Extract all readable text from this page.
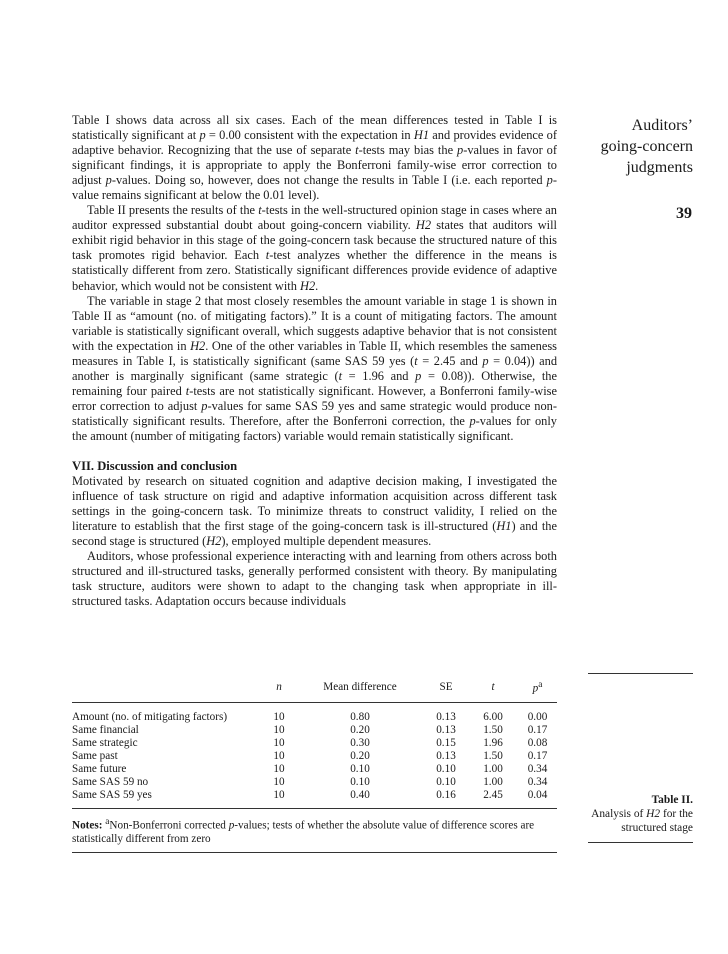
Auditors’
going-concern
judgments
39

Table I shows data across all six cases. Each of the mean differences tested in Table I is statistically significant at p = 0.00 consistent with the expectation in H1 and provides evidence of adaptive behavior. Recognizing that the use of separate t-tests may bias the p-values in favor of significant findings, it is appropriate to apply the Bonferroni family-wise error correction to adjust p-values. Doing so, however, does not change the results in Table I (i.e. each reported p-value remains significant at below the 0.01 level).

Table II presents the results of the t-tests in the well-structured opinion stage in cases where an auditor expressed substantial doubt about going-concern viability. H2 states that auditors will exhibit rigid behavior in this stage of the going-concern task because the structured nature of this task promotes rigid behavior. Each t-test analyzes whether the difference in the means is statistically different from zero. Statistically significant differences provide evidence of adaptive behavior, which would not be consistent with H2.

The variable in stage 2 that most closely resembles the amount variable in stage 1 is shown in Table II as “amount (no. of mitigating factors).” It is a count of mitigating factors. The amount variable is statistically significant overall, which suggests adaptive behavior that is not consistent with the expectation in H2. One of the other variables in Table II, which resembles the sameness measures in Table I, is statistically significant (same SAS 59 yes (t = 2.45 and p = 0.04)) and another is marginally significant (same strategic (t = 1.96 and p = 0.08)). Otherwise, the remaining four paired t-tests are not statistically significant. However, a Bonferroni family-wise error correction to adjust p-values for same SAS 59 yes and same strategic would produce non-statistically significant results. Therefore, after the Bonferroni correction, the p-values for only the amount (number of mitigating factors) variable would remain statistically significant.

VII. Discussion and conclusion

Motivated by research on situated cognition and adaptive decision making, I investigated the influence of task structure on rigid and adaptive information acquisition across different task settings in the going-concern task. To minimize threats to construct validity, I relied on the literature to establish that the first stage of the going-concern task is ill-structured (H1) and the second stage is structured (H2), employed multiple dependent measures.

Auditors, whose professional experience interacting with and learning from others across both structured and ill-structured tasks, generally performed consistent with theory. By manipulating task structure, auditors were shown to adapt to the changing task when appropriate in ill-structured tasks. Adaptation occurs because individuals

	n	Mean difference	SE	t	$p^a$
Amount (no. of mitigating factors)	10	0.80	0.13	6.00	0.00
Same financial	10	0.20	0.13	1.50	0.17
Same strategic	10	0.30	0.15	1.96	0.08
Same past	10	0.20	0.13	1.50	0.17
Same future	10	0.10	0.10	1.00	0.34
Same SAS 59 no	10	0.10	0.10	1.00	0.34
Same SAS 59 yes	10	0.40	0.16	2.45	0.04
Notes: $^a$Non-Bonferroni corrected p-values; tests of whether the absolute value of difference scores are statistically different from zero
Table II.
Analysis of H2 for the structured stage
